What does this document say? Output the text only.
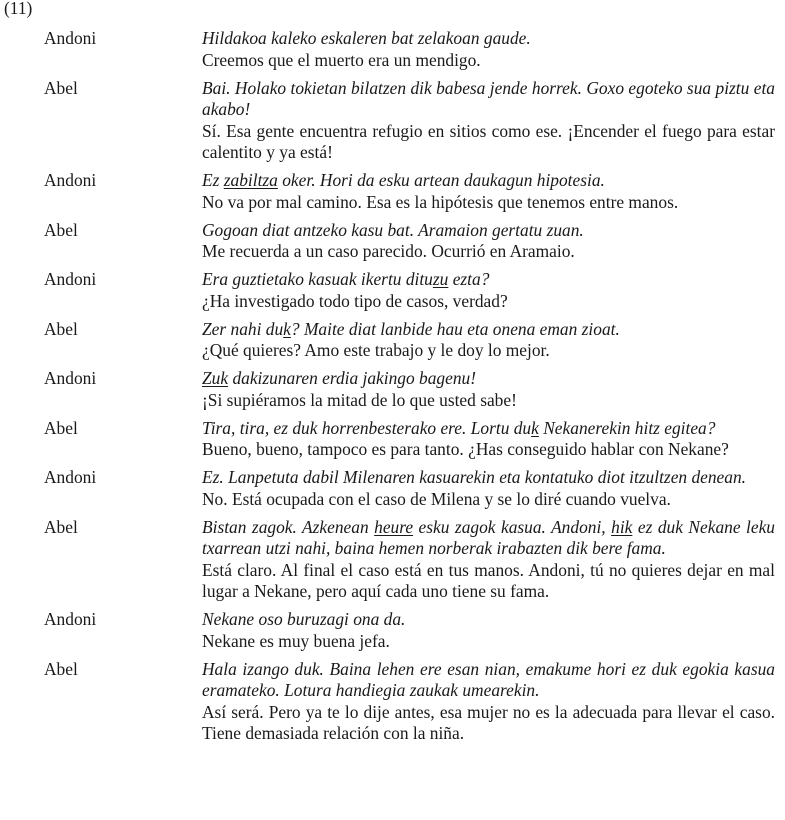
(11)
Andoni	Hildakoa kaleko eskaleren bat zelakoan gaude.
Creemos que el muerto era un mendigo.
Abel	Bai. Holako tokietan bilatzen dik babesa jende horrek. Goxo egoteko sua piztu eta akabo!
Sí. Esa gente encuentra refugio en sitios como ese. ¡Encender el fuego para estar calentito y ya está!
Andoni	Ez zabiltza oker. Hori da esku artean daukagun hipotesia.
No va por mal camino. Esa es la hipótesis que tenemos entre manos.
Abel	Gogoan diat antzeko kasu bat. Aramaion gertatu zuan.
Me recuerda a un caso parecido. Ocurrió en Aramaio.
Andoni	Era guztietako kasuak ikertu dituzu ezta?
¿Ha investigado todo tipo de casos, verdad?
Abel	Zer nahi duk? Maite diat lanbide hau eta onena eman zioat.
¿Qué quieres? Amo este trabajo y le doy lo mejor.
Andoni	Zuk dakizunaren erdia jakingo bagenu!
¡Si supiéramos la mitad de lo que usted sabe!
Abel	Tira, tira, ez duk horrenbesterako ere. Lortu duk Nekanerekin hitz egitea?
Bueno, bueno, tampoco es para tanto. ¿Has conseguido hablar con Nekane?
Andoni	Ez. Lanpetuta dabil Milenaren kasuarekin eta kontatuko diot itzultzen denean.
No. Está ocupada con el caso de Milena y se lo diré cuando vuelva.
Abel	Bistan zagok. Azkenean heure esku zagok kasua. Andoni, hik ez duk Nekane leku txarrean utzi nahi, baina hemen norberak irabazten dik bere fama.
Está claro. Al final el caso está en tus manos. Andoni, tú no quieres dejar en mal lugar a Nekane, pero aquí cada uno tiene su fama.
Andoni	Nekane oso buruzagi ona da.
Nekane es muy buena jefa.
Abel	Hala izango duk. Baina lehen ere esan nian, emakume hori ez duk egokia kasua eramateko. Lotura handiegia zaukak umearekin.
Así será. Pero ya te lo dije antes, esa mujer no es la adecuada para llevar el caso. Tiene demasiada relación con la niña.
